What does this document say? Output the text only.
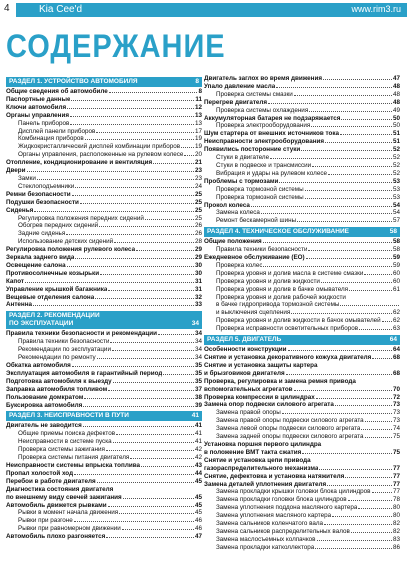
4	Kia Cee'd	www.rim3.ru
СОДЕРЖАНИЕ
РАЗДЕЛ 1. УСТРОЙСТВО АВТОМОБИЛЯ	8
Общие сведения об автомобиле	8
Паспортные данные	11
Ключи автомобиля	12
Органы управления	13
Панель приборов	13
Дисплей панели приборов	17
Комбинация приборов	19
Жидкокристаллический дисплей комбинации приборов 19
Органы управления, расположенные на рулевом колесе 20
Отопление, кондиционирование и вентиляция	21
Двери	23
Замки	23
Стеклоподъемники	24
Ремни безопасности	25
Подушки безопасности	25
Сиденья	25
Регулировка положения передних сидений	25
Обогрев передних сидений	26
Задние сиденья	26
Использование детских сидений	28
Регулировка положения рулевого колеса	29
Зеркала заднего вида	29
Освещение салона	30
Противосолнечные козырьки	30
Капот	31
Управление крышкой багажника	31
Вещевые отделения салона	32
Антенна	33
РАЗДЕЛ 2. РЕКОМЕНДАЦИИ
ПО ЭКСПЛУАТАЦИИ	34
Правила техники безопасности и рекомендации	34
Правила техники безопасности	34
Рекомендации по эксплуатации	34
Рекомендации по ремонту	34
Обкатка автомобиля	35
Эксплуатация автомобиля в гарантийный период	35
Подготовка автомобиля к выезду	35
Заправка автомобиля топливом	37
Пользование домкратом	38
Буксировка автомобиля	39
РАЗДЕЛ 3. НЕИСПРАВНОСТИ В ПУТИ	41
Двигатель не заводится	41
Общие приемы поиска дефектов	41
Неисправности в системе пуска	41
Проверка системы зажигания	42
Проверка системы питания двигателя	42
Неисправности системы впрыска топлива	43
Пропал холостой ход	44
Перебои в работе двигателя	45
Диагностика состояния двигателя
по внешнему виду свечей зажигания	45
Автомобиль движется рывками	45
Рывки в момент начала движения	45
Рывки при разгоне	46
Рывки при равномерном движении	46
Автомобиль плохо разгоняется	47
Двигатель заглох во время движения	47
Упало давление масла	48
Проверка системы смазки	48
Перегрев двигателя	48
Проверка системы охлаждения	49
Аккумуляторная батарея не подзаряжается	50
Проверка электрооборудования	50
Шум стартера от внешних источников тока	51
Неисправности электрооборудования	51
Появились посторонние стуки	52
Стуки в двигателе	52
Стуки в подвеске и трансмиссии	52
Вибрация и удары на рулевом колесе	52
Проблемы с тормозами	53
Проверка тормозной системы	53
Проверка тормозной системы	53
Прокол колеса	54
Замена колеса	54
Ремонт бескамерной шины	57
РАЗДЕЛ 4. ТЕХНИЧЕСКОЕ ОБСЛУЖИВАНИЕ	58
Общие положения	58
Правила техники безопасности	58
Ежедневное обслуживание (ЕО)	59
Проверка колес	59
Проверка уровня и долив масла в системе смазки	60
Проверка уровня и долив жидкости	60
Проверка уровня и долив в бачке омывателя	61
Проверка уровня и долив рабочей жидкости
в бачке гидропривода тормозной системы
и выключения сцепления	62
Проверка уровня и долив жидкости в бачок омывателей 62
Проверка исправности осветительных приборов	63
РАЗДЕЛ 5. ДВИГАТЕЛЬ	64
Особенности конструкции	64
Снятие и установка декоративного кожуха двигателя	68
Снятие и установка защиты картера
и брызговиков двигателя	68
Проверка, регулировка и замена ремня привода
вспомогательных агрегатов	70
Проверка компрессии в цилиндрах	72
Замена опор подвески силового агрегата	73
Замена правой опоры	73
Замена правой опоры подвески силового агрегата	73
Замена левой опоры подвески силового агрегата	74
Замена задней опоры подвески силового агрегата	75
Установка поршня первого цилиндра
в положение ВМТ такта сжатия	75
Снятие и установка цепи привода
газораспределительного механизма	77
Снятие, дефектовка и установка натяжителя	77
Замена деталей уплотнения двигателя	77
Замена прокладки крышки головки блока цилиндров	77
Замена прокладки головки блока цилиндров	78
Замена уплотнения поддона масляного картера	80
Замена уплотнения масляного картера	80
Замена сальников коленчатого вала	82
Замена сальников распределительных валов	82
Замена маслосъемных колпачков	83
Замена прокладки катколлектора	86
